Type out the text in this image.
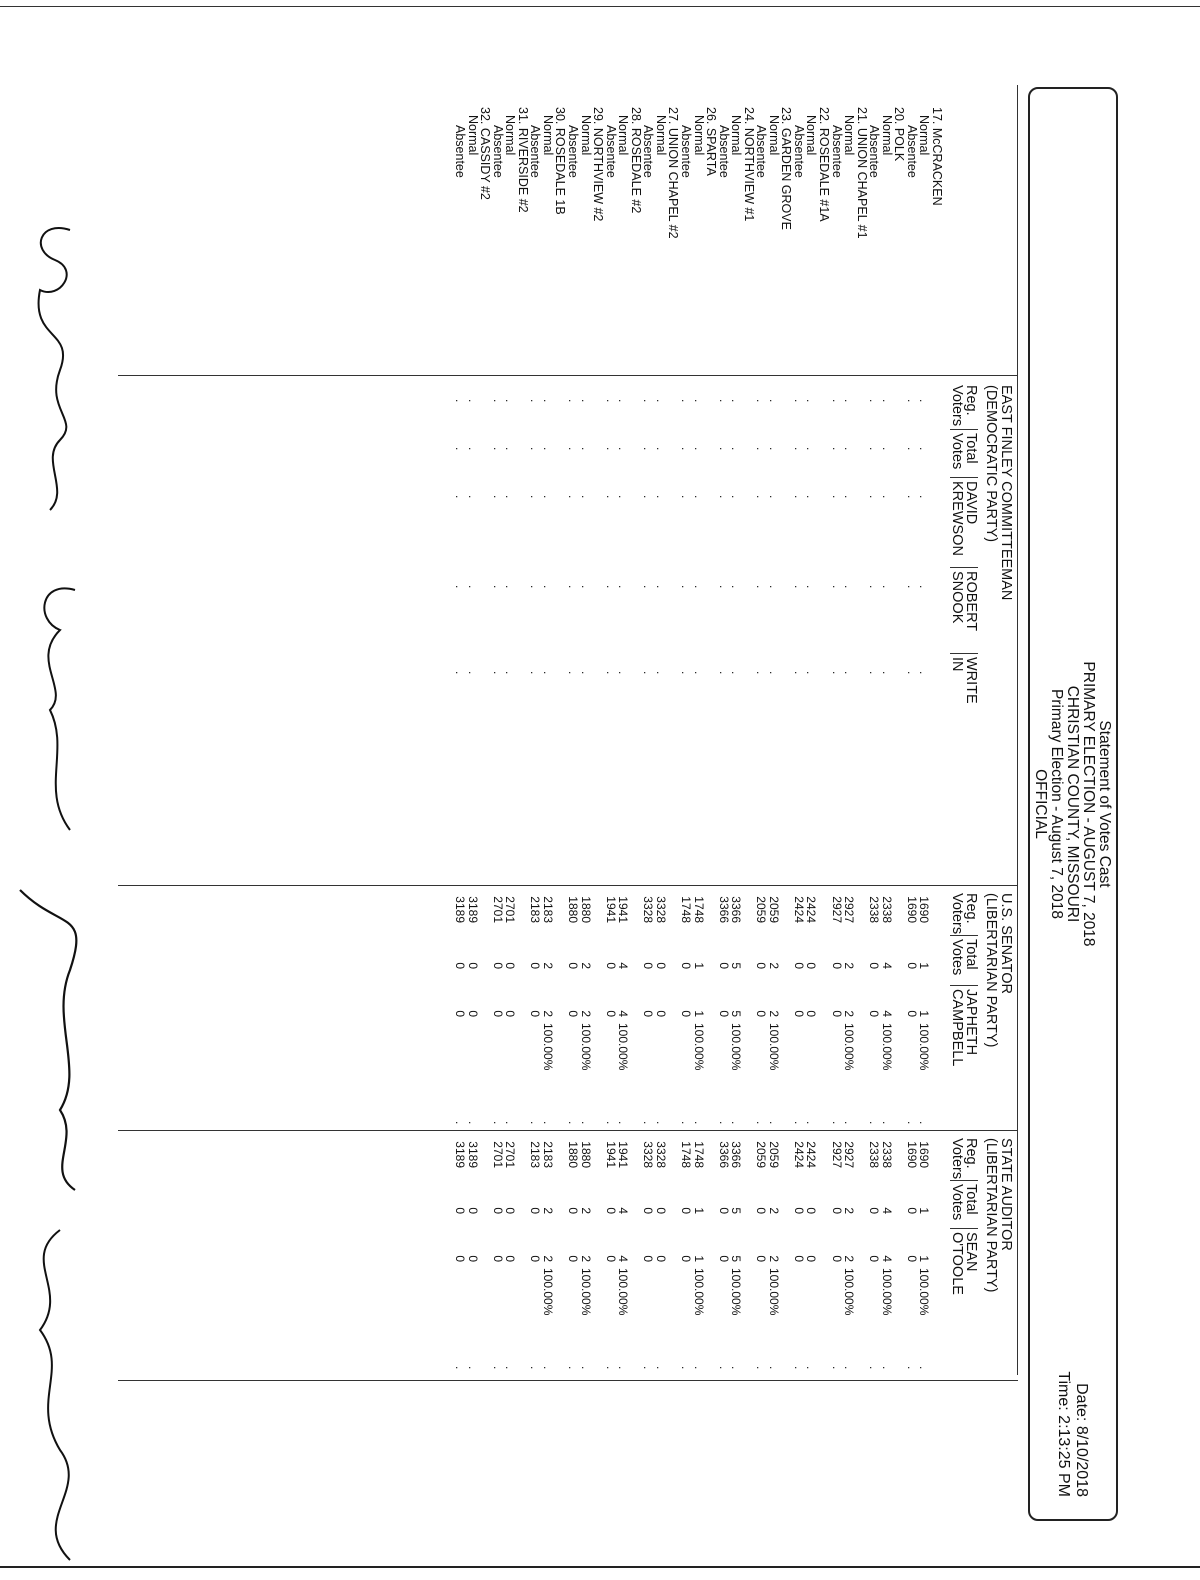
Statement of Votes Cast
PRIMARY ELECTION - AUGUST 7, 2018
CHRISTIAN COUNTY, MISSOURI
Primary Election - August 7, 2018
OFFICIAL
Date: 8/10/2018
Time: 2:13:25 PM
EAST FINLEY COMMITTEEMAN
(DEMOCRATIC PARTY)
Reg.
Voters
Total
Votes
DAVID
KREWSON
ROBERT
SNOOK
WRITE
IN
U.S. SENATOR
(LIBERTARIAN PARTY)
Reg.
Voters
Total
Votes
JAPHETH
CAMPBELL
STATE AUDITOR
(LIBERTARIAN PARTY)
Reg.
Voters
Total
Votes
SEAN
O'TOOLE
17. McCRACKEN
Normal
.
.
.
.
.
1690
1
1
100.00%
.
1690
1
1
100.00%
.
Absentee
.
.
.
.
.
1690
0
0
.
1690
0
0
.
20. POLK
Normal
.
.
.
.
.
2338
4
4
100.00%
.
2338
4
4
100.00%
.
Absentee
.
.
.
.
.
2338
0
0
.
2338
0
0
.
21. UNION CHAPEL #1
Normal
.
.
.
.
.
2927
2
2
100.00%
.
2927
2
2
100.00%
.
Absentee
.
.
.
.
.
2927
0
0
.
2927
0
0
.
22. ROSEDALE #1A
Normal
.
.
.
.
.
2424
0
0
.
2424
0
0
.
Absentee
.
.
.
.
.
2424
0
0
.
2424
0
0
.
23. GARDEN GROVE
Normal
.
.
.
.
.
2059
2
2
100.00%
.
2059
2
2
100.00%
.
Absentee
.
.
.
.
.
2059
0
0
.
2059
0
0
.
24. NORTHVIEW #1
Normal
.
.
.
.
.
3366
5
5
100.00%
.
3366
5
5
100.00%
.
Absentee
.
.
.
.
.
3366
0
0
.
3366
0
0
.
26. SPARTA
Normal
.
.
.
.
.
1748
1
1
100.00%
.
1748
1
1
100.00%
.
Absentee
.
.
.
.
.
1748
0
0
.
1748
0
0
.
27. UNION CHAPEL #2
Normal
.
.
.
.
.
3328
0
0
.
3328
0
0
.
Absentee
.
.
.
.
.
3328
0
0
.
3328
0
0
.
28. ROSEDALE #2
Normal
.
.
.
.
.
1941
4
4
100.00%
.
1941
4
4
100.00%
.
Absentee
.
.
.
.
.
1941
0
0
.
1941
0
0
.
29. NORTHVIEW #2
Normal
.
.
.
.
.
1880
2
2
100.00%
.
1880
2
2
100.00%
.
Absentee
.
.
.
.
.
1880
0
0
.
1880
0
0
.
30. ROSEDALE 1B
Normal
.
.
.
.
.
2183
2
2
100.00%
.
2183
2
2
100.00%
.
Absentee
.
.
.
.
.
2183
0
0
.
2183
0
0
.
31. RIVERSIDE #2
Normal
.
.
.
.
.
2701
0
0
.
2701
0
0
.
Absentee
.
.
.
.
.
2701
0
0
.
2701
0
0
.
32. CASSIDY #2
Normal
.
.
.
.
.
3189
0
0
.
3189
0
0
.
Absentee
.
.
.
.
.
3189
0
0
.
3189
0
0
.
